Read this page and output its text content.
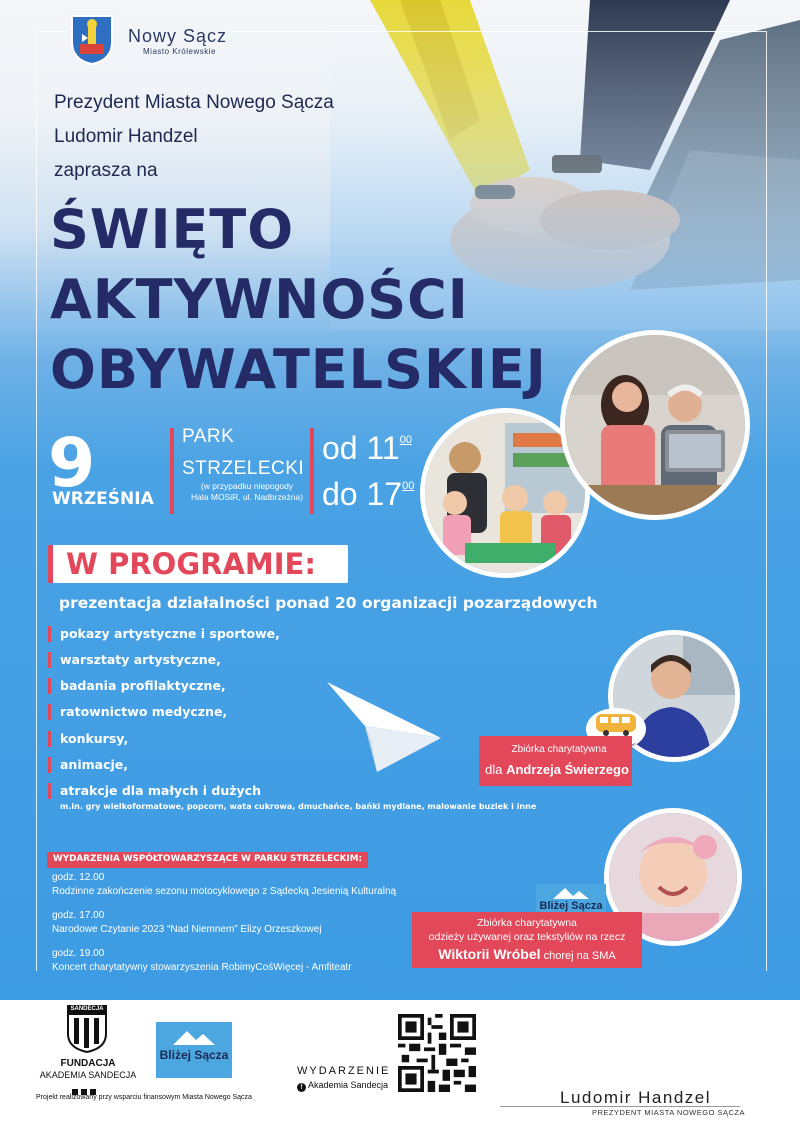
Nowy Sącz
Miasto Królewskie
Prezydent Miasta Nowego Sącza
Ludomir Handzel
zaprasza na
ŚWIĘTO
AKTYWNOŚCI
OBYWATELSKIEJ
9
WRZEŚNIA
PARK
STRZELECKI
(w przypadku niepogody
Hala MOSiR, ul. Nadbrzeżna)
od $11^{00}$
do $17^{00}$
W PROGRAMIE:
prezentacja działalności ponad 20 organizacji pozarządowych
pokazy artystyczne i sportowe,
warsztaty artystyczne,
badania profilaktyczne,
ratownictwo medyczne,
konkursy,
animacje,
atrakcje dla małych i dużych
m.in. gry wielkoformatowe, popcorn, wata cukrowa, dmuchańce, bańki mydlane, malowanie buziek i inne
Zbiórka charytatywna
dla Andrzeja Świerzego
WYDARZENIA WSPÓŁTOWARZYSZĄCE W PARKU STRZELECKIM:
godz. 12.00
Rodzinne zakończenie sezonu motocyklowego z Sądecką Jesienią Kulturalną
godz. 17.00
Narodowe Czytanie 2023 “Nad Niemnem” Elizy Orzeszkowej
godz. 19.00
Koncert charytatywny stowarzyszenia RobimyCośWięcej - Amfiteatr
Bliżej Sącza
Zbiórka charytatywna
odzieży używanej oraz tekstyliów na rzecz
Wiktorii Wróbel chorej na SMA
SANDECJA
FUNDACJA
AKADEMIA SANDECJA
Projekt realizowany przy wsparciu finansowym Miasta Nowego Sącza
Bliżej Sącza
WYDARZENIE
f Akademia Sandecja
Ludomir Handzel
PREZYDENT MIASTA NOWEGO SĄCZA
